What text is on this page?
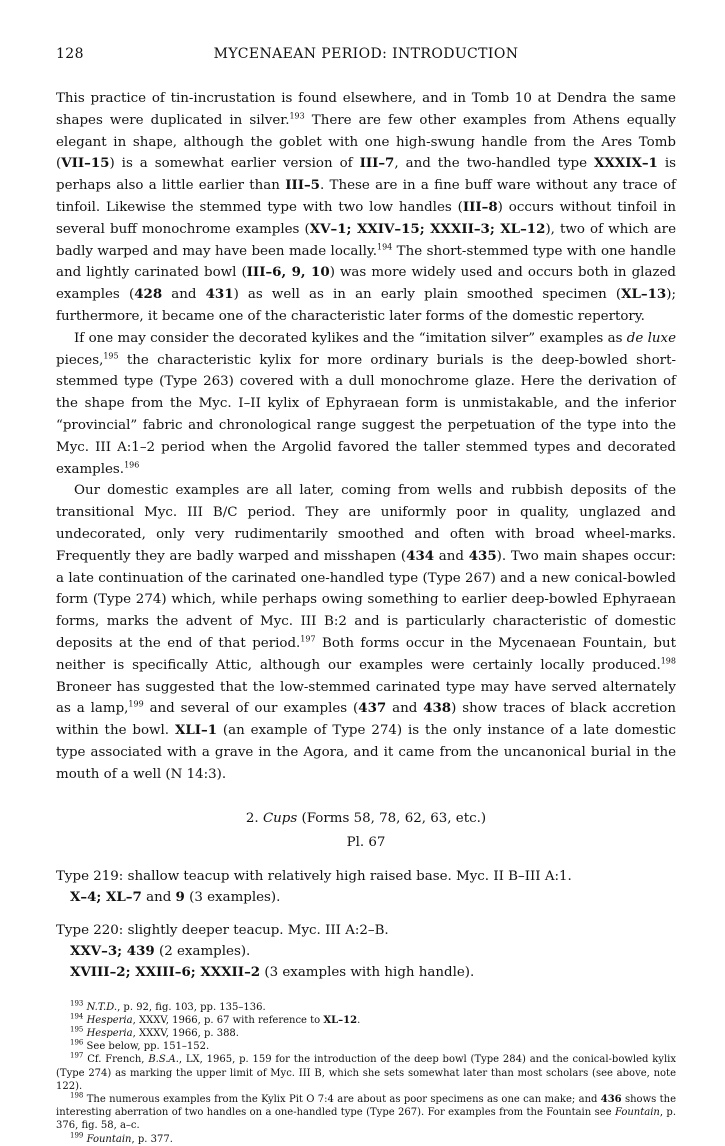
128	MYCENAEAN PERIOD: INTRODUCTION

This practice of tin-incrustation is found elsewhere, and in Tomb 10 at Dendra the same shapes were duplicated in silver.$^{193}$ There are few other examples from Athens equally elegant in shape, although the goblet with one high-swung handle from the Ares Tomb (VII–15) is a somewhat earlier version of III–7, and the two-handled type XXXIX–1 is perhaps also a little earlier than III–5. These are in a fine buff ware without any trace of tinfoil. Likewise the stemmed type with two low handles (III–8) occurs without tinfoil in several buff monochrome examples (XV–1; XXIV–15; XXXII–3; XL–12), two of which are badly warped and may have been made locally.$^{194}$ The short-stemmed type with one handle and lightly carinated bowl (III–6, 9, 10) was more widely used and occurs both in glazed examples (428 and 431) as well as in an early plain smoothed specimen (XL–13); furthermore, it became one of the characteristic later forms of the domestic repertory.

If one may consider the decorated kylikes and the “imitation silver” examples as de luxe pieces,$^{195}$ the characteristic kylix for more ordinary burials is the deep-bowled short-stemmed type (Type 263) covered with a dull monochrome glaze. Here the derivation of the shape from the Myc. I–II kylix of Ephyraean form is unmistakable, and the inferior “provincial” fabric and chronological range suggest the perpetuation of the type into the Myc. III A:1–2 period when the Argolid favored the taller stemmed types and decorated examples.$^{196}$

Our domestic examples are all later, coming from wells and rubbish deposits of the transitional Myc. III B/C period. They are uniformly poor in quality, unglazed and undecorated, only very rudimentarily smoothed and often with broad wheel-marks. Frequently they are badly warped and misshapen (434 and 435). Two main shapes occur: a late continuation of the carinated one-handled type (Type 267) and a new conical-bowled form (Type 274) which, while perhaps owing something to earlier deep-bowled Ephyraean forms, marks the advent of Myc. III B:2 and is particularly characteristic of domestic deposits at the end of that period.$^{197}$ Both forms occur in the Mycenaean Fountain, but neither is specifically Attic, although our examples were certainly locally produced.$^{198}$ Broneer has suggested that the low-stemmed carinated type may have served alternately as a lamp,$^{199}$ and several of our examples (437 and 438) show traces of black accretion within the bowl. XLI–1 (an example of Type 274) is the only instance of a late domestic type associated with a grave in the Agora, and it came from the uncanonical burial in the mouth of a well (N 14:3).

2. Cups (Forms 58, 78, 62, 63, etc.)
Pl. 67
Type 219: shallow teacup with relatively high raised base. Myc. II B–III A:1.
X–4; XL–7 and 9 (3 examples).
Type 220: slightly deeper teacup. Myc. III A:2–B.
XXV–3; 439 (2 examples).
XVIII–2; XXIII–6; XXXII–2 (3 examples with high handle).

$^{193}$ N.T.D., p. 92, fig. 103, pp. 135–136.

$^{194}$ Hesperia, XXXV, 1966, p. 67 with reference to XL–12.

$^{195}$ Hesperia, XXXV, 1966, p. 388.

$^{196}$ See below, pp. 151–152.

$^{197}$ Cf. French, B.S.A., LX, 1965, p. 159 for the introduction of the deep bowl (Type 284) and the conical-bowled kylix (Type 274) as marking the upper limit of Myc. III B, which she sets somewhat later than most scholars (see above, note 122).

$^{198}$ The numerous examples from the Kylix Pit O 7:4 are about as poor specimens as one can make; and 436 shows the interesting aberration of two handles on a one-handled type (Type 267). For examples from the Fountain see Fountain, p. 376, fig. 58, a–c.

$^{199}$ Fountain, p. 377.
